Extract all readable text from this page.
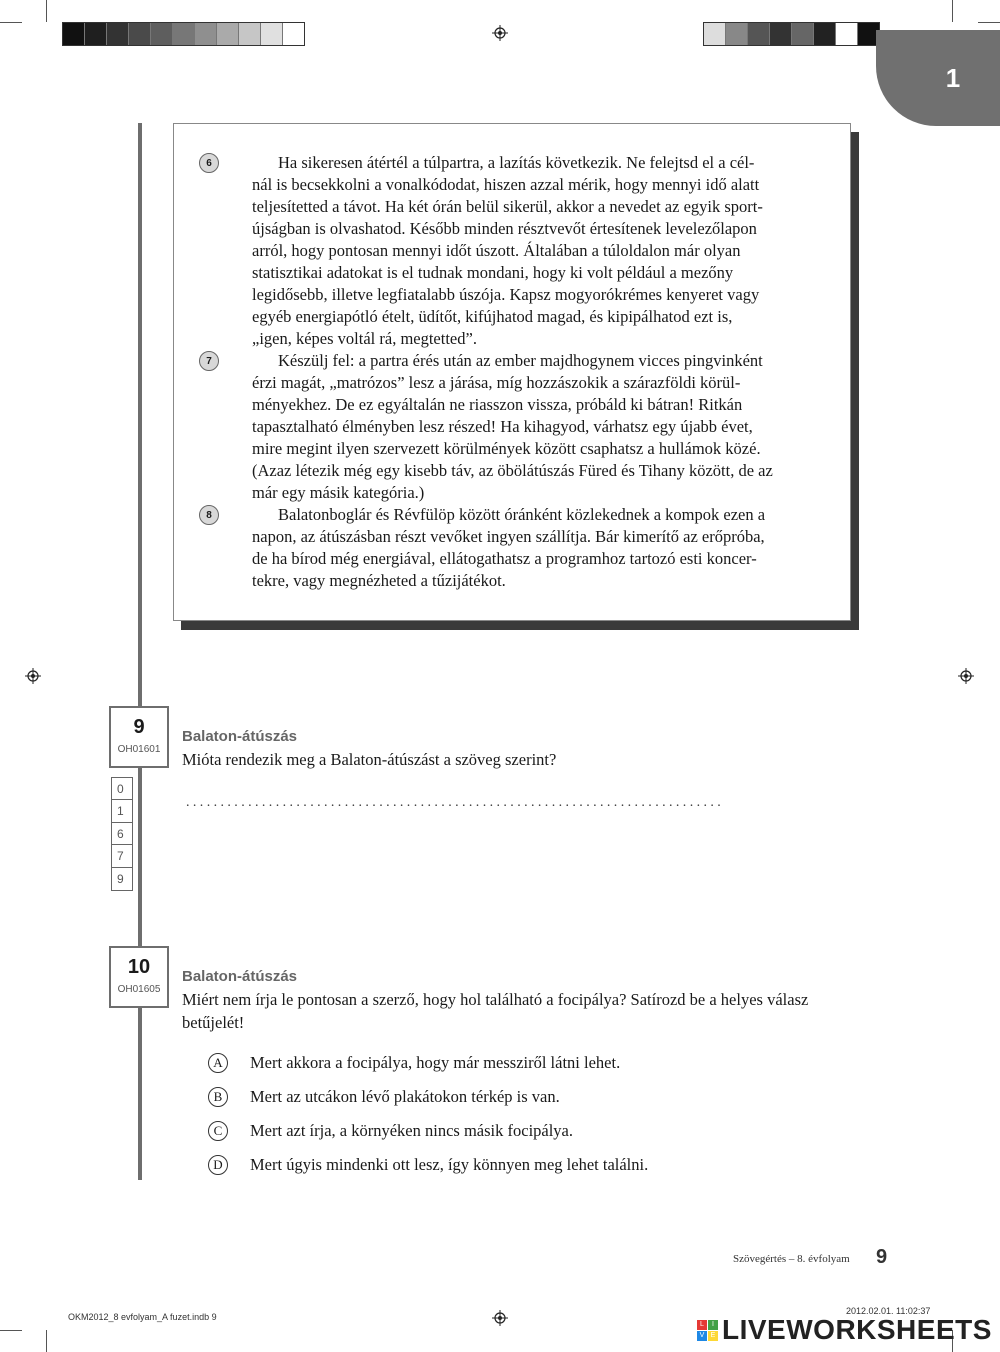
1
6	Ha sikeresen átértél a túlpartra, a lazítás következik. Ne felejtsd el a cél-
nál is becsekkolni a vonalkódodat, hiszen azzal mérik, hogy mennyi idő alatt
teljesítetted a távot. Ha két órán belül sikerül, akkor a nevedet az egyik sport-
újságban is olvashatod. Később minden résztvevőt értesítenek levelezőlapon
arról, hogy pontosan mennyi időt úszott. Általában a túloldalon már olyan
statisztikai adatokat is el tudnak mondani, hogy ki volt például a mezőny
legidősebb, illetve legfiatalabb úszója. Kapsz mogyorókrémes kenyeret vagy
egyéb energiapótló ételt, üdítőt, kifújhatod magad, és kipipálhatod ezt is,
„igen, képes voltál rá, megtetted”.
7	Készülj fel: a partra érés után az ember majdhogynem vicces pingvinként
érzi magát, „matrózos” lesz a járása, míg hozzászokik a szárazföldi körül-
ményekhez. De ez egyáltalán ne riasszon vissza, próbáld ki bátran! Ritkán
tapasztalható élményben lesz részed! Ha kihagyod, várhatsz egy újabb évet,
mire megint ilyen szervezett körülmények között csaphatsz a hullámok közé.
(Azaz létezik még egy kisebb táv, az öbölátúszás Füred és Tihany között, de az
már egy másik kategória.)
8	Balatonboglár és Révfülöp között óránként közlekednek a kompok ezen a
napon, az átúszásban részt vevőket ingyen szállítja. Bár kimerítő az erőpróba,
de ha bírod még energiával, ellátogathatsz a programhoz tartozó esti koncer-
tekre, vagy megnézheted a tűzijátékot.
9
OH01601
0
1
6
7
9
Balaton-átúszás
Mióta rendezik meg a Balaton-átúszást a szöveg szerint?
..............................................................................
10
OH01605
Balaton-átúszás
Miért nem írja le pontosan a szerző, hogy hol található a focipálya? Satírozd be a helyes válasz
betűjelét!
A	Mert akkora a focipálya, hogy már messziről látni lehet.
B	Mert az utcákon lévő plakátokon térkép is van.
C	Mert azt írja, a környéken nincs másik focipálya.
D	Mert úgyis mindenki ott lesz, így könnyen meg lehet találni.
Szövegértés – 8. évfolyam 9
OKM2012_8 evfolyam_A fuzet.indb 9
2012.02.01. 11:02:37
L	I
V E LIVEWORKSHEETS
